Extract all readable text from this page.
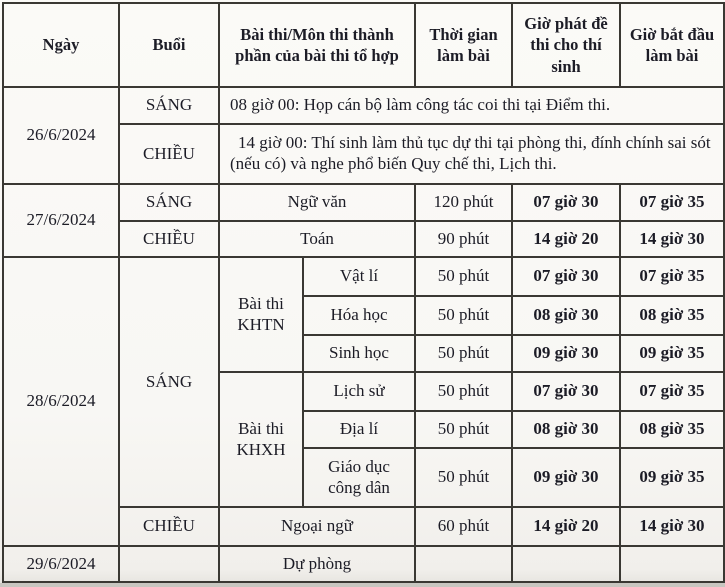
Ngày	Buổi	Bài thi/Môn thi thành phần của bài thi tổ hợp		Thời gian làm bài	Giờ phát đề thi cho thí sinh	Giờ bắt đầu làm bài
26/6/2024	SÁNG	08 giờ 00: Họp cán bộ làm công tác coi thi tại Điểm thi.				
	CHIỀU	14 giờ 00: Thí sinh làm thủ tục dự thi tại phòng thi, đính chính sai sót (nếu có) và nghe phổ biến Quy chế thi, Lịch thi.				
27/6/2024	SÁNG	Ngữ văn		120 phút	07 giờ 30	07 giờ 35
	CHIỀU	Toán		90 phút	14 giờ 20	14 giờ 30
28/6/2024	SÁNG	Bài thi KHTN	Vật lí	50 phút	07 giờ 30	07 giờ 35
			Hóa học	50 phút	08 giờ 30	08 giờ 35
			Sinh học	50 phút	09 giờ 30	09 giờ 35
		Bài thi KHXH	Lịch sử	50 phút	07 giờ 30	07 giờ 35
			Địa lí	50 phút	08 giờ 30	08 giờ 35
			Giáo dục công dân	50 phút	09 giờ 30	09 giờ 35
	CHIỀU	Ngoại ngữ		60 phút	14 giờ 20	14 giờ 30
29/6/2024		Dự phòng				
